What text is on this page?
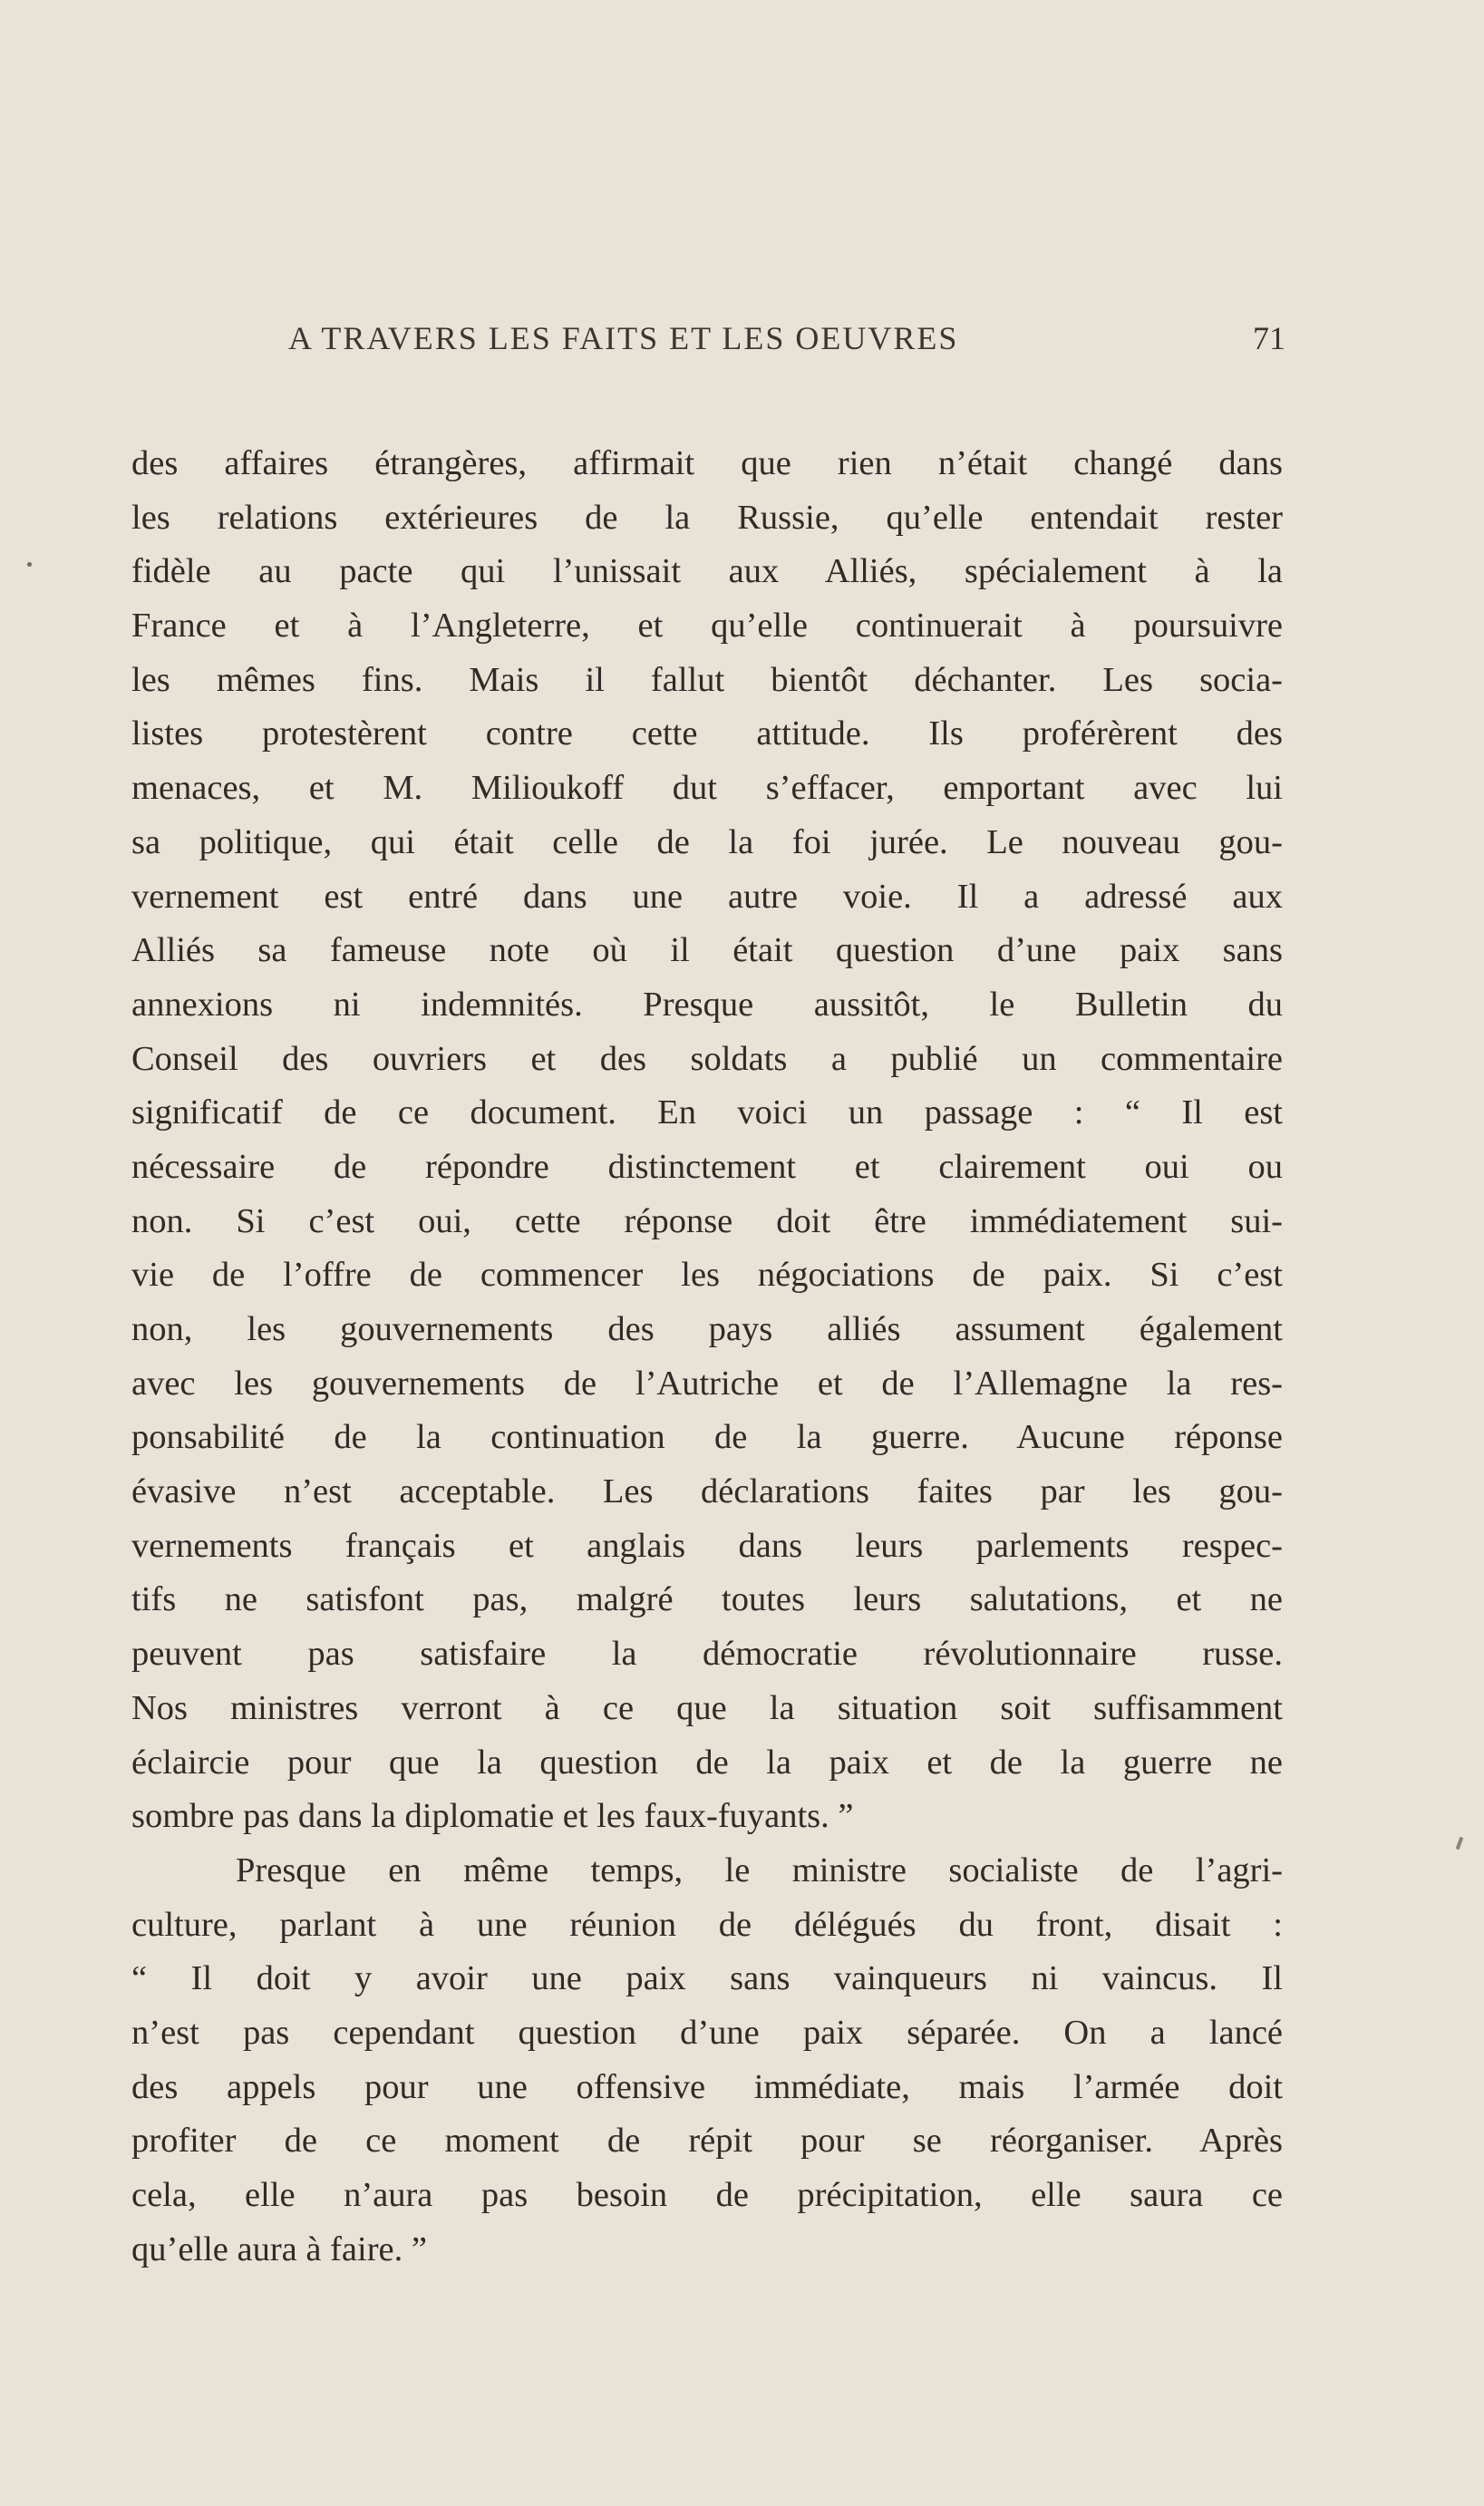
A TRAVERS LES FAITS ET LES OEUVRES	71
des affaires étrangères, affirmait que rien n’était changé dans
les relations extérieures de la Russie, qu’elle entendait rester
fidèle au pacte qui l’unissait aux Alliés, spécialement à la
France et à l’Angleterre, et qu’elle continuerait à poursuivre
les mêmes fins. Mais il fallut bientôt déchanter. Les socia-
listes protestèrent contre cette attitude. Ils proférèrent des
menaces, et M. Milioukoff dut s’effacer, emportant avec lui
sa politique, qui était celle de la foi jurée. Le nouveau gou-
vernement est entré dans une autre voie. Il a adressé aux
Alliés sa fameuse note où il était question d’une paix sans
annexions ni indemnités. Presque aussitôt, le Bulletin du
Conseil des ouvriers et des soldats a publié un commentaire
significatif de ce document. En voici un passage : “ Il est
nécessaire de répondre distinctement et clairement oui ou
non. Si c’est oui, cette réponse doit être immédiatement sui-
vie de l’offre de commencer les négociations de paix. Si c’est
non, les gouvernements des pays alliés assument également
avec les gouvernements de l’Autriche et de l’Allemagne la res-
ponsabilité de la continuation de la guerre. Aucune réponse
évasive n’est acceptable. Les déclarations faites par les gou-
vernements français et anglais dans leurs parlements respec-
tifs ne satisfont pas, malgré toutes leurs salutations, et ne
peuvent pas satisfaire la démocratie révolutionnaire russe.
Nos ministres verront à ce que la situation soit suffisamment
éclaircie pour que la question de la paix et de la guerre ne
sombre pas dans la diplomatie et les faux-fuyants. ”
Presque en même temps, le ministre socialiste de l’agri-
culture, parlant à une réunion de délégués du front, disait :
“ Il doit y avoir une paix sans vainqueurs ni vaincus. Il
n’est pas cependant question d’une paix séparée. On a lancé
des appels pour une offensive immédiate, mais l’armée doit
profiter de ce moment de répit pour se réorganiser. Après
cela, elle n’aura pas besoin de précipitation, elle saura ce
qu’elle aura à faire. ”
